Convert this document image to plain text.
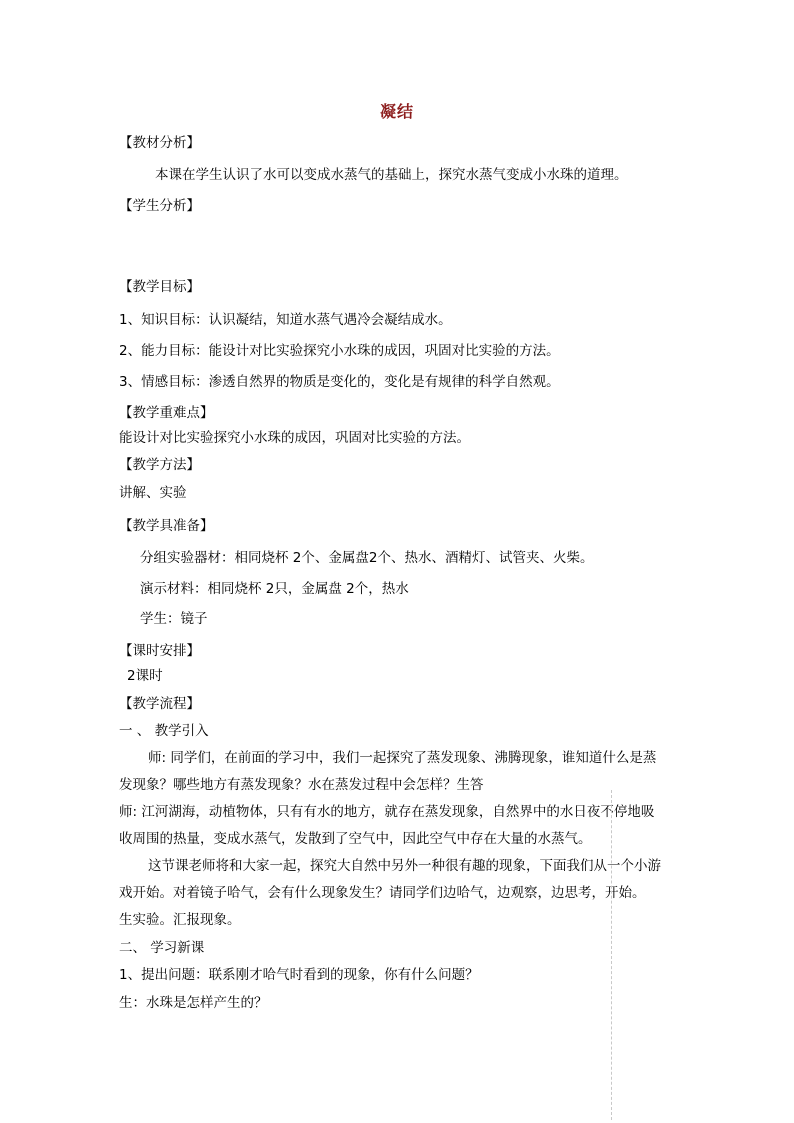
凝结
【教材分析】
本课在学生认识了水可以变成水蒸气的基础上，探究水蒸气变成小水珠的道理。
【学生分析】
【教学目标】
1、知识目标：认识凝结，知道水蒸气遇冷会凝结成水。
2、能力目标：能设计对比实验探究小水珠的成因，巩固对比实验的方法。
3、情感目标：渗透自然界的物质是变化的，变化是有规律的科学自然观。
【教学重难点】
能设计对比实验探究小水珠的成因，巩固对比实验的方法。
【教学方法】
讲解、实验
【教学具准备】
分组实验器材：相同烧杯 2个、金属盘2个、热水、酒精灯、试管夹、火柴。
演示材料：相同烧杯 2只，金属盘 2个，热水
学生：镜子
【课时安排】
2课时
【教学流程】
一 、 教学引入
师: 同学们，在前面的学习中，我们一起探究了蒸发现象、沸腾现象，谁知道什么是蒸
发现象？哪些地方有蒸发现象？水在蒸发过程中会怎样？生答
师: 江河湖海，动植物体，只有有水的地方，就存在蒸发现象，自然界中的水日夜不停地吸
收周围的热量，变成水蒸气，发散到了空气中，因此空气中存在大量的水蒸气。
这节课老师将和大家一起，探究大自然中另外一种很有趣的现象，下面我们从一个小游
戏开始。对着镜子哈气，会有什么现象发生？请同学们边哈气，边观察，边思考，开始。
生实验。汇报现象。
二、 学习新课
1、提出问题：联系刚才哈气时看到的现象，你有什么问题？
生：水珠是怎样产生的？
